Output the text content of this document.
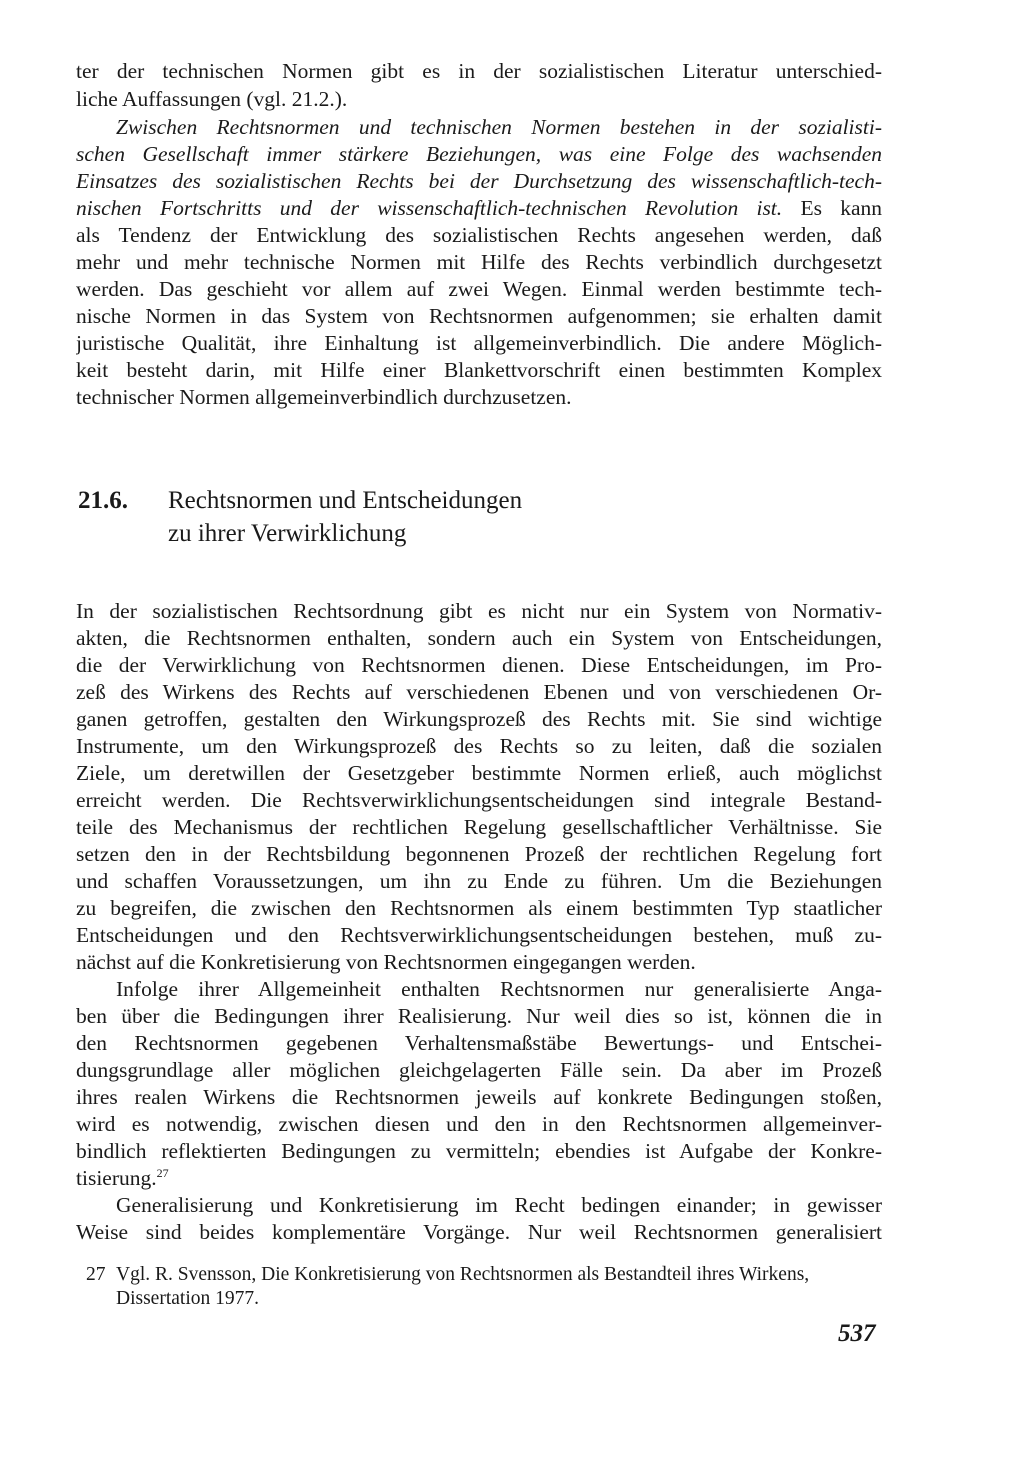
ter der technischen Normen gibt es in der sozialistischen Literatur unterschied-
liche Auffassungen (vgl. 21.2.).
Zwischen Rechtsnormen und technischen Normen bestehen in der sozialisti-
schen Gesellschaft immer stärkere Beziehungen, was eine Folge des wachsenden
Einsatzes des sozialistischen Rechts bei der Durchsetzung des wissenschaftlich-tech-
nischen Fortschritts und der wissenschaftlich-technischen Revolution ist. Es kann
als Tendenz der Entwicklung des sozialistischen Rechts angesehen werden, daß
mehr und mehr technische Normen mit Hilfe des Rechts verbindlich durchgesetzt
werden. Das geschieht vor allem auf zwei Wegen. Einmal werden bestimmte tech-
nische Normen in das System von Rechtsnormen aufgenommen; sie erhalten damit
juristische Qualität, ihre Einhaltung ist allgemeinverbindlich. Die andere Möglich-
keit besteht darin, mit Hilfe einer Blankettvorschrift einen bestimmten Komplex
technischer Normen allgemeinverbindlich durchzusetzen.
21.6. Rechtsnormen und Entscheidungen
zu ihrer Verwirklichung
In der sozialistischen Rechtsordnung gibt es nicht nur ein System von Normativ-
akten, die Rechtsnormen enthalten, sondern auch ein System von Entscheidungen,
die der Verwirklichung von Rechtsnormen dienen. Diese Entscheidungen, im Pro-
zeß des Wirkens des Rechts auf verschiedenen Ebenen und von verschiedenen Or-
ganen getroffen, gestalten den Wirkungsprozeß des Rechts mit. Sie sind wichtige
Instrumente, um den Wirkungsprozeß des Rechts so zu leiten, daß die sozialen
Ziele, um deretwillen der Gesetzgeber bestimmte Normen erließ, auch möglichst
erreicht werden. Die Rechtsverwirklichungsentscheidungen sind integrale Bestand-
teile des Mechanismus der rechtlichen Regelung gesellschaftlicher Verhältnisse. Sie
setzen den in der Rechtsbildung begonnenen Prozeß der rechtlichen Regelung fort
und schaffen Voraussetzungen, um ihn zu Ende zu führen. Um die Beziehungen
zu begreifen, die zwischen den Rechtsnormen als einem bestimmten Typ staatlicher
Entscheidungen und den Rechtsverwirklichungsentscheidungen bestehen, muß zu-
nächst auf die Konkretisierung von Rechtsnormen eingegangen werden.
Infolge ihrer Allgemeinheit enthalten Rechtsnormen nur generalisierte Anga-
ben über die Bedingungen ihrer Realisierung. Nur weil dies so ist, können die in
den Rechtsnormen gegebenen Verhaltensmaßstäbe Bewertungs- und Entschei-
dungsgrundlage aller möglichen gleichgelagerten Fälle sein. Da aber im Prozeß
ihres realen Wirkens die Rechtsnormen jeweils auf konkrete Bedingungen stoßen,
wird es notwendig, zwischen diesen und den in den Rechtsnormen allgemeinver-
bindlich reflektierten Bedingungen zu vermitteln; ebendies ist Aufgabe der Konkre-
tisierung.$^{27}$
Generalisierung und Konkretisierung im Recht bedingen einander; in gewisser
Weise sind beides komplementäre Vorgänge. Nur weil Rechtsnormen generalisiert
27 Vgl. R. Svensson, Die Konkretisierung von Rechtsnormen als Bestandteil ihres Wirkens,
Dissertation 1977.
537
